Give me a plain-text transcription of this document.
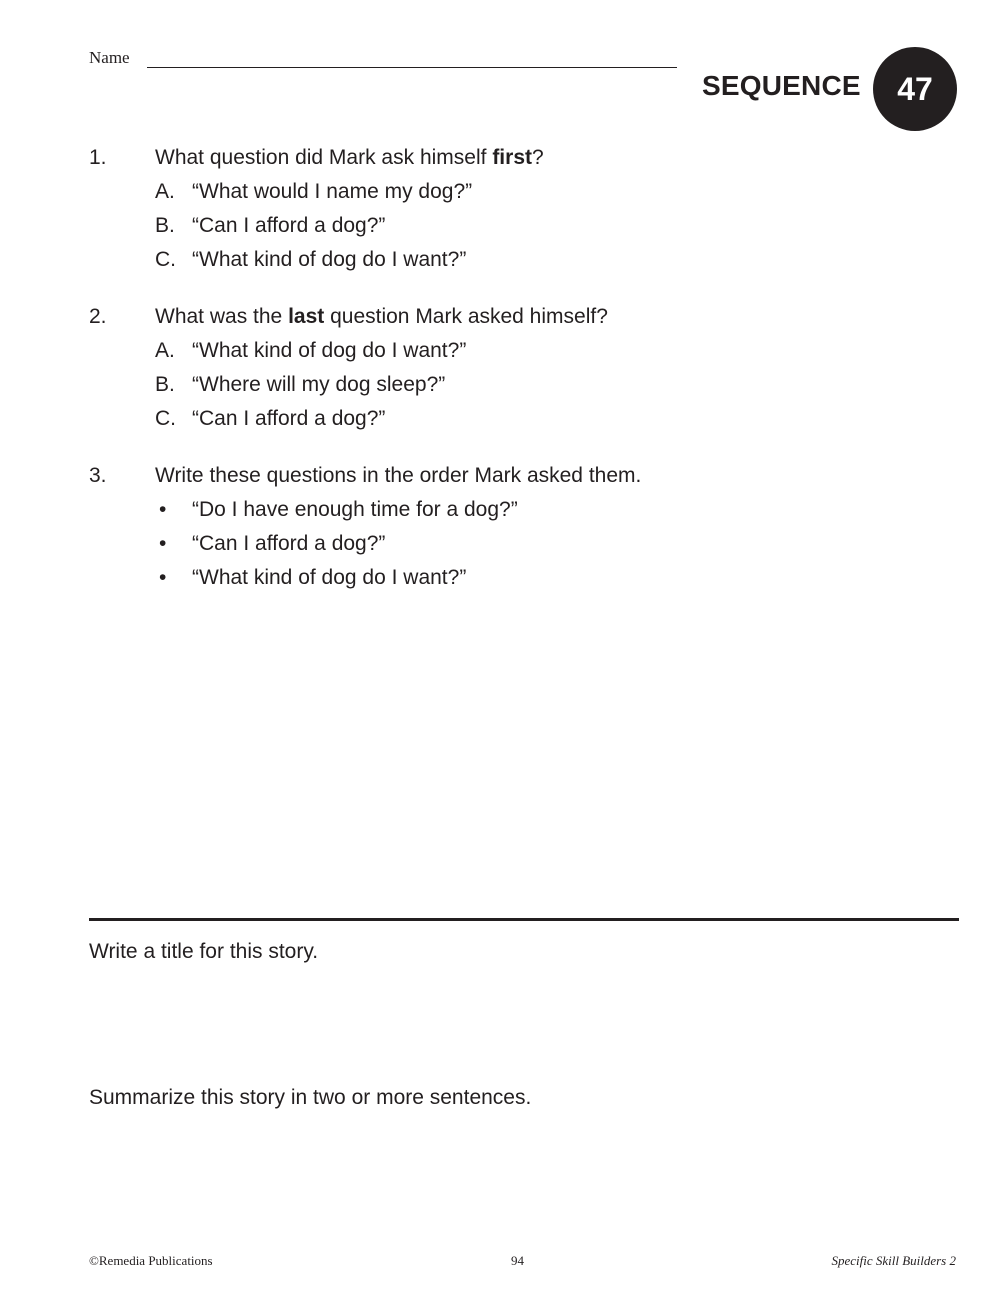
Name
SEQUENCE 47
1. What question did Mark ask himself first?
A. “What would I name my dog?”
B. “Can I afford a dog?”
C. “What kind of dog do I want?”
2. What was the last question Mark asked himself?
A. “What kind of dog do I want?”
B. “Where will my dog sleep?”
C. “Can I afford a dog?”
3. Write these questions in the order Mark asked them.
• “Do I have enough time for a dog?”
• “Can I afford a dog?”
• “What kind of dog do I want?”
Write a title for this story.
Summarize this story in two or more sentences.
©Remedia Publications	94	Specific Skill Builders 2
